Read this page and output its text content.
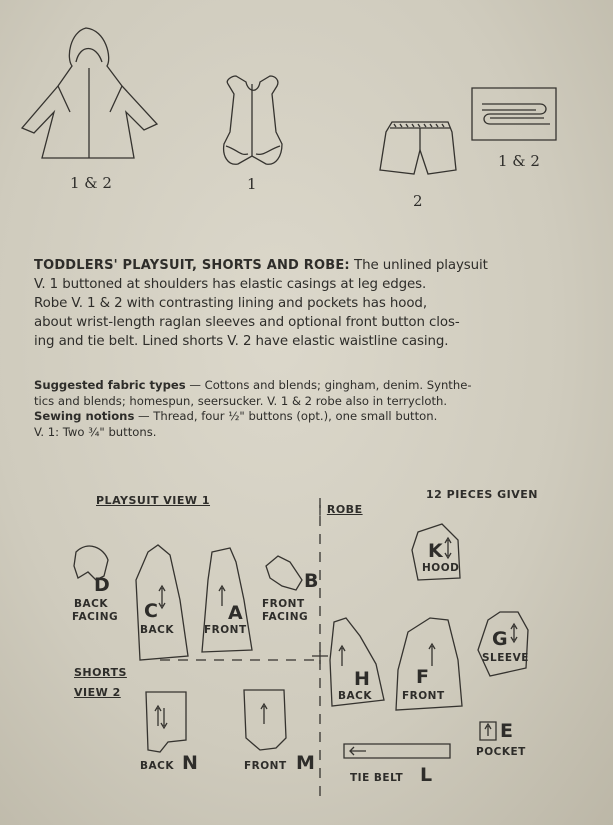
1 & 2	1
2
1 & 2
TODDLERS' PLAYSUIT, SHORTS AND ROBE: The unlined playsuit
V. 1 buttoned at shoulders has elastic casings at leg edges.
Robe V. 1 & 2 with contrasting lining and pockets has hood,
about wrist-length raglan sleeves and optional front button clos-
ing and tie belt. Lined shorts V. 2 have elastic waistline casing.
Suggested fabric types — Cottons and blends; gingham, denim. Synthe-
tics and blends; homespun, seersucker. V. 1 & 2 robe also in terrycloth.
Sewing notions — Thread, four ½" buttons (opt.), one small button.
V. 1: Two ¾" buttons.
PLAYSUIT VIEW 1
| ROBE
12 PIECES GIVEN
SHORTS
VIEW 2
D
BACK
FACING C
BACK
A
FRONT
B
FRONT
FACING
K
HOOD
G
SLEEVE
H
BACK
F
FRONT
E
POCKET
BACK N	FRONT M
TIE BELT L
